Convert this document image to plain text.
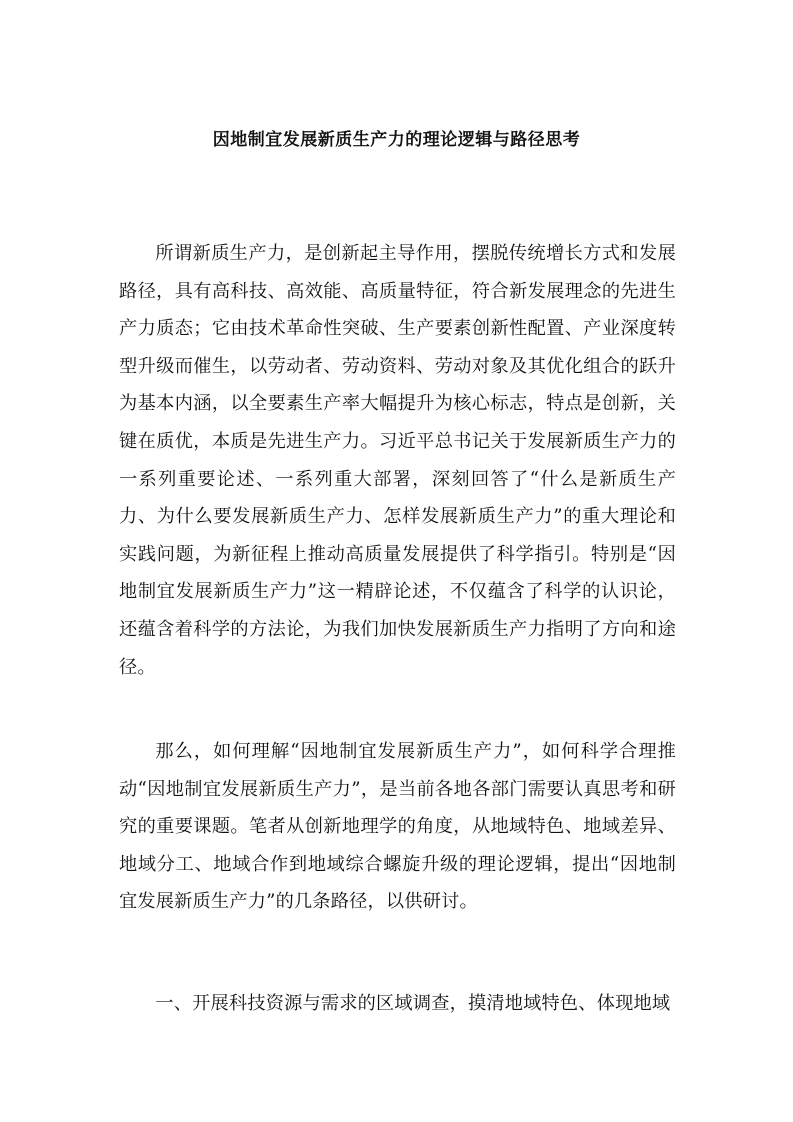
因地制宜发展新质生产力的理论逻辑与路径思考

所谓新质生产力，是创新起主导作用，摆脱传统增长方式和发展路径，具有高科技、高效能、高质量特征，符合新发展理念的先进生产力质态；它由技术革命性突破、生产要素创新性配置、产业深度转型升级而催生，以劳动者、劳动资料、劳动对象及其优化组合的跃升为基本内涵，以全要素生产率大幅提升为核心标志，特点是创新，关键在质优，本质是先进生产力。习近平总书记关于发展新质生产力的一系列重要论述、一系列重大部署，深刻回答了“什么是新质生产力、为什么要发展新质生产力、怎样发展新质生产力”的重大理论和实践问题，为新征程上推动高质量发展提供了科学指引。特别是“因地制宜发展新质生产力”这一精辟论述，不仅蕴含了科学的认识论，还蕴含着科学的方法论，为我们加快发展新质生产力指明了方向和途径。

那么，如何理解“因地制宜发展新质生产力”，如何科学合理推动“因地制宜发展新质生产力”，是当前各地各部门需要认真思考和研究的重要课题。笔者从创新地理学的角度，从地域特色、地域差异、地域分工、地域合作到地域综合螺旋升级的理论逻辑，提出“因地制宜发展新质生产力”的几条路径，以供研讨。

一、开展科技资源与需求的区域调查，摸清地域特色、体现地域
